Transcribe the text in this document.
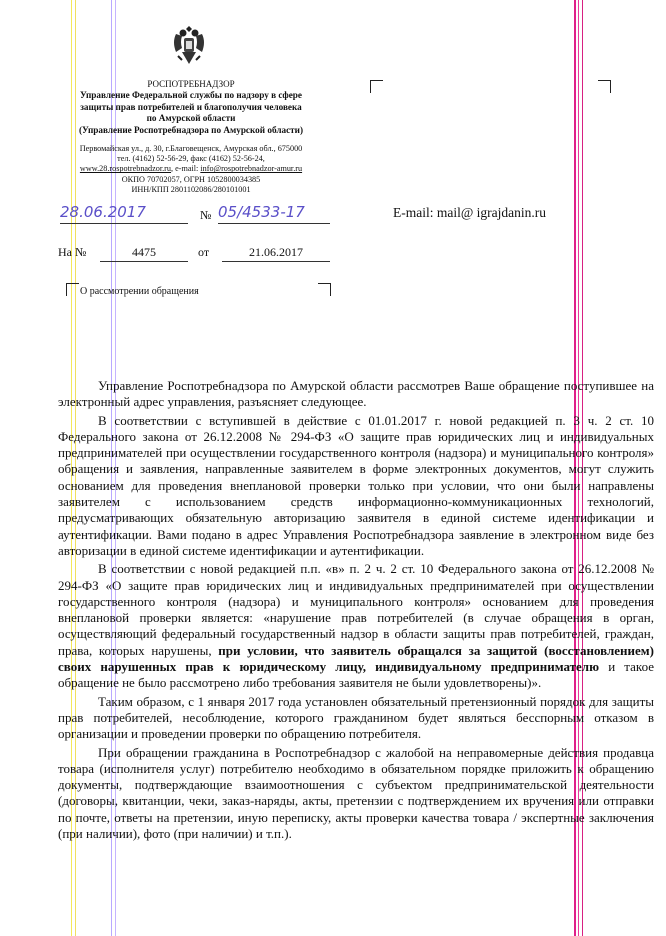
РОСПОТРЕБНАДЗОР
Управление Федеральной службы по надзору в сфере
защиты прав потребителей и благополучия человека
по Амурской области
(Управление Роспотребнадзора по Амурской области)
Первомайская ул., д. 30, г.Благовещенск, Амурская обл., 675000
тел. (4162) 52-56-29, факс (4162) 52-56-24,
www.28.rospotrebnadzor.ru, e-mail: info@rospotrebnadzor-amur.ru
ОКПО 70702057, ОГРН 1052800034385
ИНН/КПП 2801102086/280101001
28.06.2017	№ 05/4533-17
На №	4475	от	21.06.2017
О рассмотрении обращения
E-mail: mail@ igrajdanin.ru

Управление Роспотребнадзора по Амурской области рассмотрев Ваше обращение поступившее на электронный адрес управления, разъясняет следующее.

В соответствии с вступившей в действие с 01.01.2017 г. новой редакцией п. 3 ч. 2 ст. 10 Федерального закона от 26.12.2008 № 294-ФЗ «О защите прав юридических лиц и индивидуальных предпринимателей при осуществлении государственного контроля (надзора) и муниципального контроля» обращения и заявления, направленные заявителем в форме электронных документов, могут служить основанием для проведения внеплановой проверки только при условии, что они были направлены заявителем с использованием средств информационно-коммуникационных технологий, предусматривающих обязательную авторизацию заявителя в единой системе идентификации и аутентификации. Вами подано в адрес Управления Роспотребнадзора заявление в электронном виде без авторизации в единой системе идентификации и аутентификации.

В соответствии с новой редакцией п.п. «в» п. 2 ч. 2 ст. 10 Федерального закона от 26.12.2008 № 294-ФЗ «О защите прав юридических лиц и индивидуальных предпринимателей при осуществлении государственного контроля (надзора) и муниципального контроля» основанием для проведения внеплановой проверки является: «нарушение прав потребителей (в случае обращения в орган, осуществляющий федеральный государственный надзор в области защиты прав потребителей, граждан, права, которых нарушены, при условии, что заявитель обращался за защитой (восстановлением) своих нарушенных прав к юридическому лицу, индивидуальному предпринимателю и такое обращение не было рассмотрено либо требования заявителя не были удовлетворены)».

Таким образом, с 1 января 2017 года установлен обязательный претензионный порядок для защиты прав потребителей, несоблюдение, которого гражданином будет являться бесспорным отказом в организации и проведении проверки по обращению потребителя.

При обращении гражданина в Роспотребнадзор с жалобой на неправомерные действия продавца товара (исполнителя услуг) потребителю необходимо в обязательном порядке приложить к обращению документы, подтверждающие взаимоотношения с субъектом предпринимательской деятельности (договоры, квитанции, чеки, заказ-наряды, акты, претензии с подтверждением их вручения или отправки по почте, ответы на претензии, иную переписку, акты проверки качества товара / экспертные заключения (при наличии), фото (при наличии) и т.п.).
